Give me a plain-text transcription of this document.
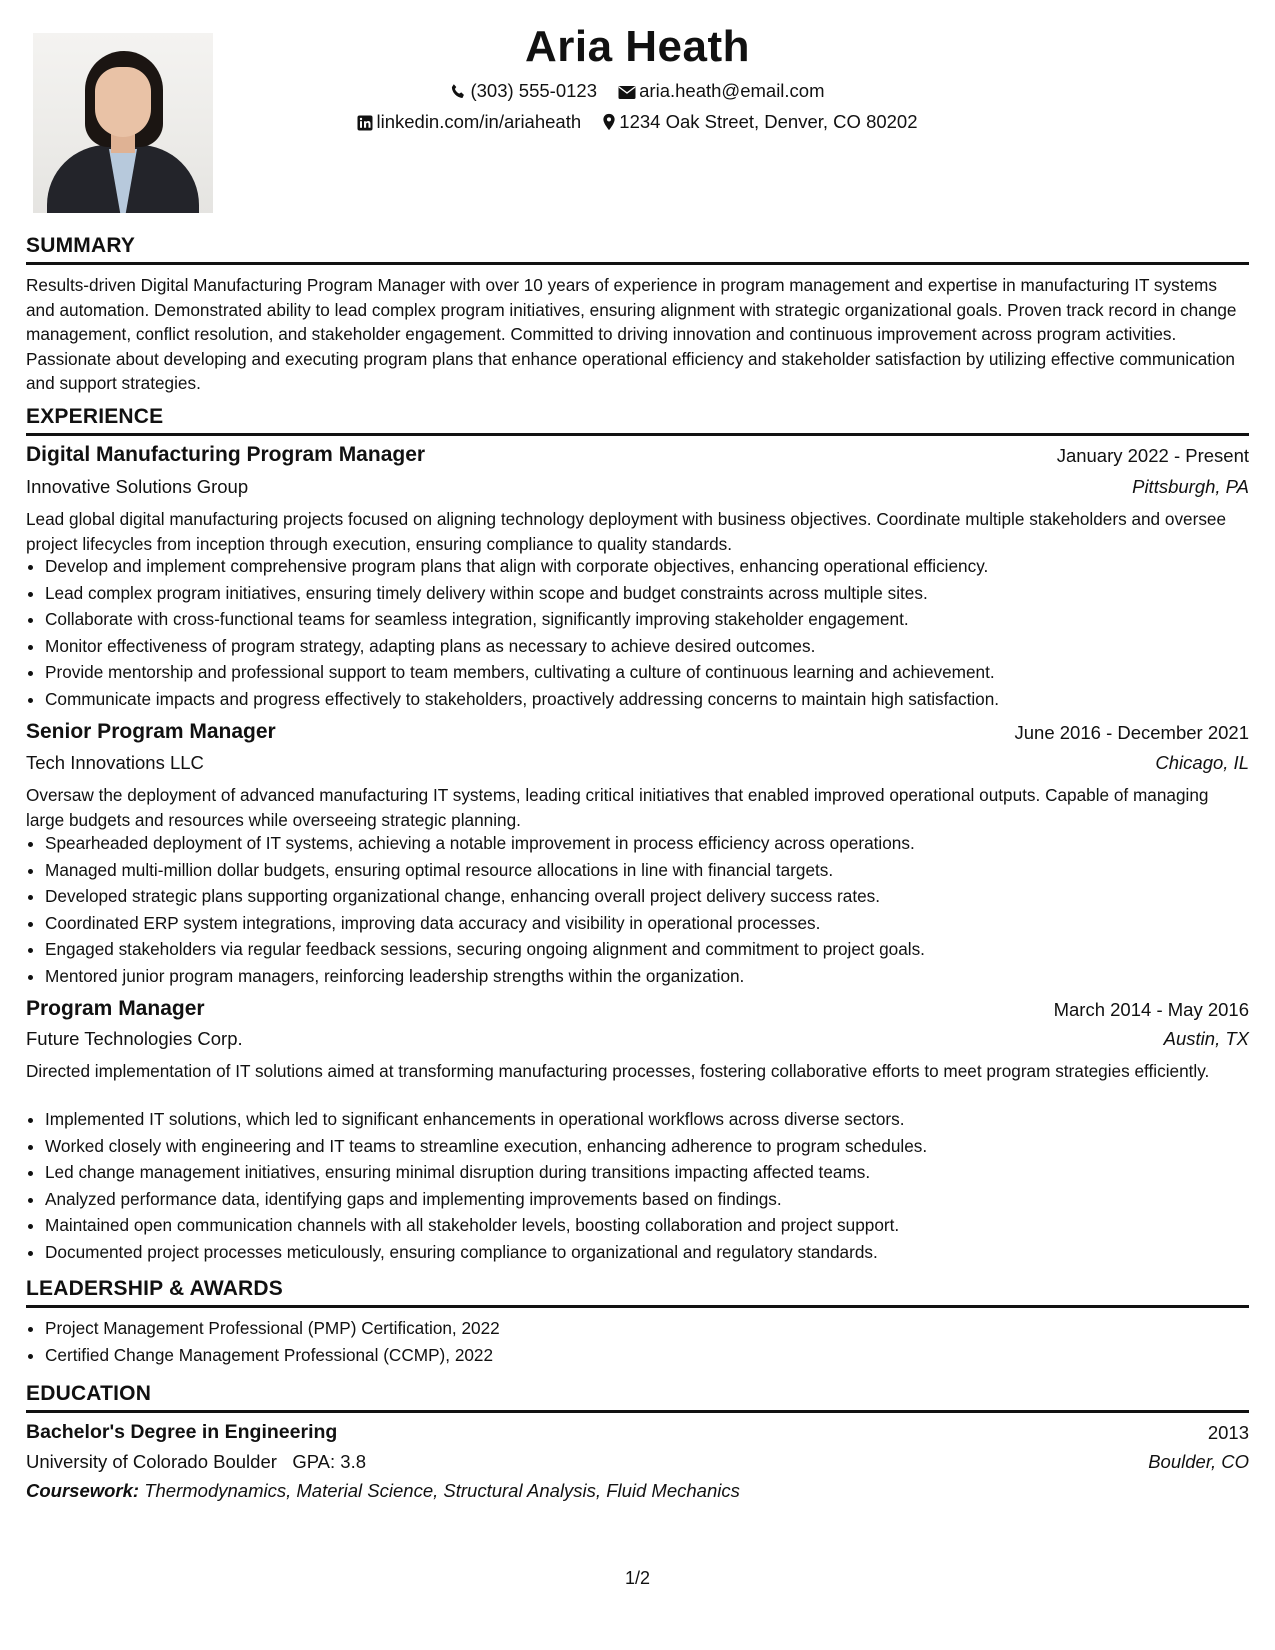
Aria Heath
(303) 555-0123 aria.heath@email.com
linkedin.com/in/ariaheath 1234 Oak Street, Denver, CO 80202
SUMMARY

Results-driven Digital Manufacturing Program Manager with over 10 years of experience in program management and expertise in manufacturing IT systems and automation. Demonstrated ability to lead complex program initiatives, ensuring alignment with strategic organizational goals. Proven track record in change management, conflict resolution, and stakeholder engagement. Committed to driving innovation and continuous improvement across program activities. Passionate about developing and executing program plans that enhance operational efficiency and stakeholder satisfaction by utilizing effective communication and support strategies.

EXPERIENCE
Digital Manufacturing Program Manager	January 2022 - Present
Innovative Solutions Group	Pittsburgh, PA

Lead global digital manufacturing projects focused on aligning technology deployment with business objectives. Coordinate multiple stakeholders and oversee project lifecycles from inception through execution, ensuring compliance to quality standards.

• Develop and implement comprehensive program plans that align with corporate objectives, enhancing operational efficiency.
• Lead complex program initiatives, ensuring timely delivery within scope and budget constraints across multiple sites.
• Collaborate with cross-functional teams for seamless integration, significantly improving stakeholder engagement.
• Monitor effectiveness of program strategy, adapting plans as necessary to achieve desired outcomes.
• Provide mentorship and professional support to team members, cultivating a culture of continuous learning and achievement.
• Communicate impacts and progress effectively to stakeholders, proactively addressing concerns to maintain high satisfaction.
Senior Program Manager	June 2016 - December 2021
Tech Innovations LLC	Chicago, IL

Oversaw the deployment of advanced manufacturing IT systems, leading critical initiatives that enabled improved operational outputs. Capable of managing large budgets and resources while overseeing strategic planning.

• Spearheaded deployment of IT systems, achieving a notable improvement in process efficiency across operations.
• Managed multi-million dollar budgets, ensuring optimal resource allocations in line with financial targets.
• Developed strategic plans supporting organizational change, enhancing overall project delivery success rates.
• Coordinated ERP system integrations, improving data accuracy and visibility in operational processes.
• Engaged stakeholders via regular feedback sessions, securing ongoing alignment and commitment to project goals.
• Mentored junior program managers, reinforcing leadership strengths within the organization.
Program Manager	March 2014 - May 2016
Future Technologies Corp.	Austin, TX

Directed implementation of IT solutions aimed at transforming manufacturing processes, fostering collaborative efforts to meet program strategies efficiently.

• Implemented IT solutions, which led to significant enhancements in operational workflows across diverse sectors.
• Worked closely with engineering and IT teams to streamline execution, enhancing adherence to program schedules.
• Led change management initiatives, ensuring minimal disruption during transitions impacting affected teams.
• Analyzed performance data, identifying gaps and implementing improvements based on findings.
• Maintained open communication channels with all stakeholder levels, boosting collaboration and project support.
• Documented project processes meticulously, ensuring compliance to organizational and regulatory standards.
LEADERSHIP & AWARDS
• Project Management Professional (PMP) Certification, 2022
• Certified Change Management Professional (CCMP), 2022
EDUCATION
Bachelor's Degree in Engineering	2013
University of Colorado Boulder GPA: 3.8	Boulder, CO
Coursework: Thermodynamics, Material Science, Structural Analysis, Fluid Mechanics
1/2
